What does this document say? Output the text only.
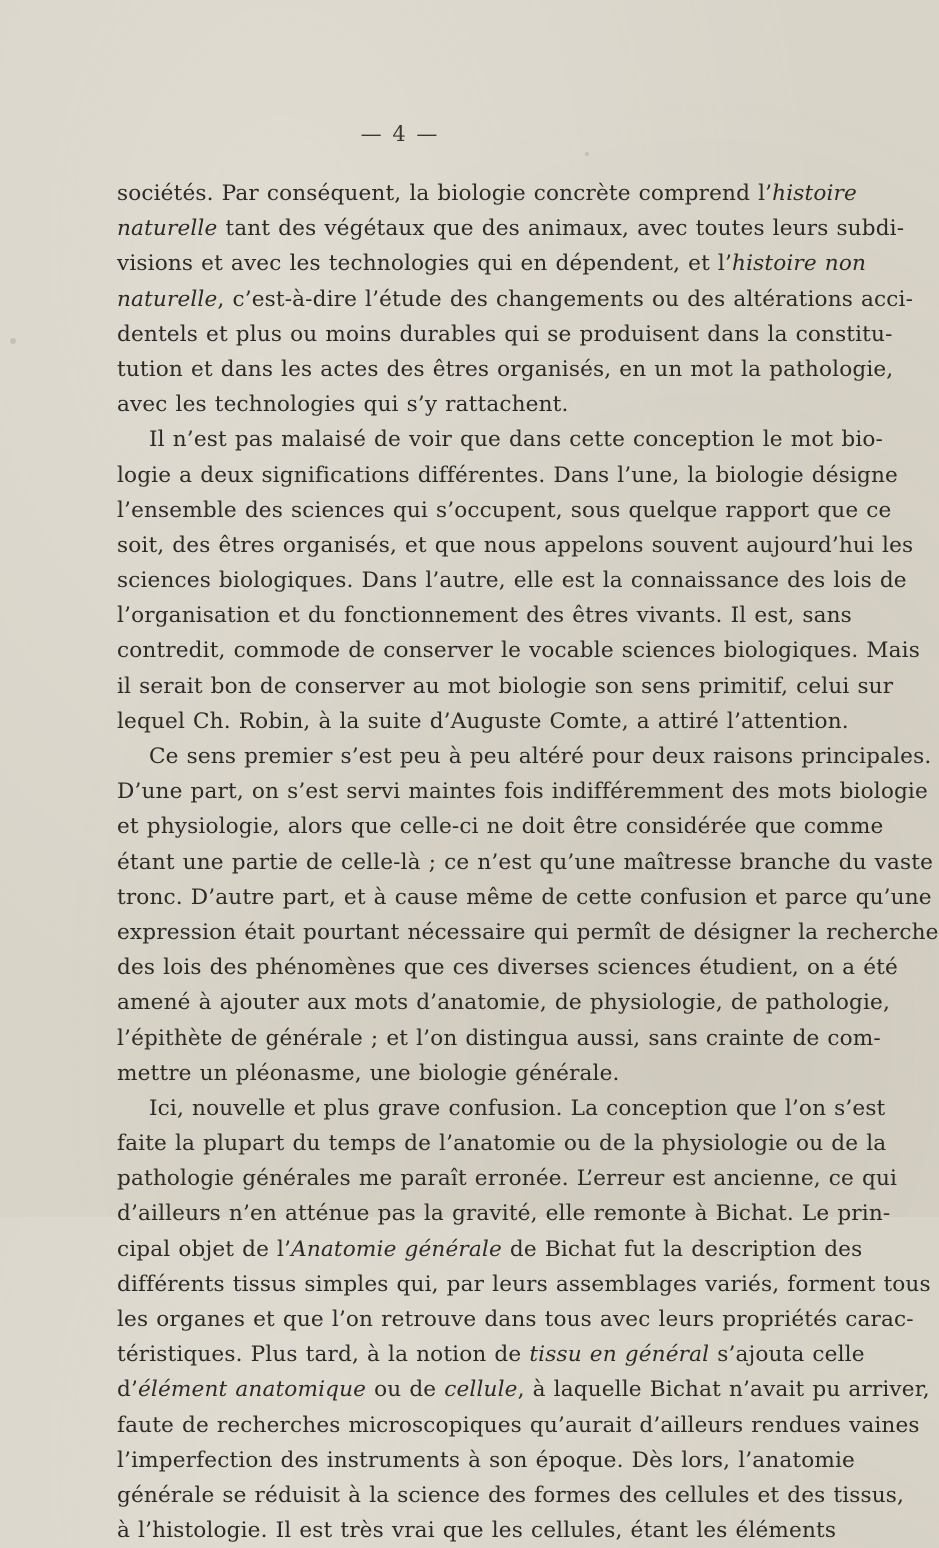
— 4 —
sociétés. Par conséquent, la biologie concrète comprend l’histoire
naturelle tant des végétaux que des animaux, avec toutes leurs subdi-
visions et avec les technologies qui en dépendent, et l’histoire non
naturelle, c’est-à-dire l’étude des changements ou des altérations acci-
dentels et plus ou moins durables qui se produisent dans la constitu-
tution et dans les actes des êtres organisés, en un mot la pathologie,
avec les technologies qui s’y rattachent.
Il n’est pas malaisé de voir que dans cette conception le mot bio-
logie a deux significations différentes. Dans l’une, la biologie désigne
l’ensemble des sciences qui s’occupent, sous quelque rapport que ce
soit, des êtres organisés, et que nous appelons souvent aujourd’hui les
sciences biologiques. Dans l’autre, elle est la connaissance des lois de
l’organisation et du fonctionnement des êtres vivants. Il est, sans
contredit, commode de conserver le vocable sciences biologiques. Mais
il serait bon de conserver au mot biologie son sens primitif, celui sur
lequel Ch. Robin, à la suite d’Auguste Comte, a attiré l’attention.
Ce sens premier s’est peu à peu altéré pour deux raisons principales.
D’une part, on s’est servi maintes fois indifféremment des mots biologie
et physiologie, alors que celle-ci ne doit être considérée que comme
étant une partie de celle-là ; ce n’est qu’une maîtresse branche du vaste
tronc. D’autre part, et à cause même de cette confusion et parce qu’une
expression était pourtant nécessaire qui permît de désigner la recherche
des lois des phénomènes que ces diverses sciences étudient, on a été
amené à ajouter aux mots d’anatomie, de physiologie, de pathologie,
l’épithète de générale ; et l’on distingua aussi, sans crainte de com-
mettre un pléonasme, une biologie générale.
Ici, nouvelle et plus grave confusion. La conception que l’on s’est
faite la plupart du temps de l’anatomie ou de la physiologie ou de la
pathologie générales me paraît erronée. L’erreur est ancienne, ce qui
d’ailleurs n’en atténue pas la gravité, elle remonte à Bichat. Le prin-
cipal objet de l’Anatomie générale de Bichat fut la description des
différents tissus simples qui, par leurs assemblages variés, forment tous
les organes et que l’on retrouve dans tous avec leurs propriétés carac-
téristiques. Plus tard, à la notion de tissu en général s’ajouta celle
d’élément anatomique ou de cellule, à laquelle Bichat n’avait pu arriver,
faute de recherches microscopiques qu’aurait d’ailleurs rendues vaines
l’imperfection des instruments à son époque. Dès lors, l’anatomie
générale se réduisit à la science des formes des cellules et des tissus,
à l’histologie. Il est très vrai que les cellules, étant les éléments
